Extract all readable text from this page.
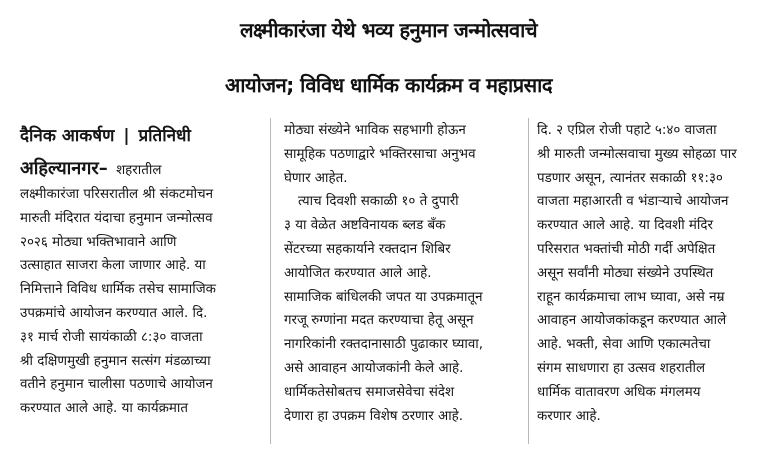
लक्ष्मीकारंजा येथे भव्य हनुमान जन्मोत्सवाचे
आयोजन; विविध धार्मिक कार्यक्रम व महाप्रसाद
दैनिक आकर्षण | प्रतिनिधी
अहिल्यानगर– शहरातील
लक्ष्मीकारंजा परिसरातील श्री संकटमोचन
मारुती मंदिरात यंदाचा हनुमान जन्मोत्सव
२०२६ मोठ्या भक्तिभावाने आणि
उत्साहात साजरा केला जाणार आहे. या
निमित्ताने विविध धार्मिक तसेच सामाजिक
उपक्रमांचे आयोजन करण्यात आले. दि.
३१ मार्च रोजी सायंकाळी ८:३० वाजता
श्री दक्षिणमुखी हनुमान सत्संग मंडळाच्या
वतीने हनुमान चालीसा पठणाचे आयोजन
करण्यात आले आहे. या कार्यक्रमात
मोठ्या संख्येने भाविक सहभागी होऊन
सामूहिक पठणाद्वारे भक्तिरसाचा अनुभव
घेणार आहेत.
त्याच दिवशी सकाळी १० ते दुपारी
३ या वेळेत अष्टविनायक ब्लड बँक
सेंटरच्या सहकार्याने रक्तदान शिबिर
आयोजित करण्यात आले आहे.
सामाजिक बांधिलकी जपत या उपक्रमातून
गरजू रुग्णांना मदत करण्याचा हेतू असून
नागरिकांनी रक्तदानासाठी पुढाकार घ्यावा,
असे आवाहन आयोजकांनी केले आहे.
धार्मिकतेसोबतच समाजसेवेचा संदेश
देणारा हा उपक्रम विशेष ठरणार आहे.
दि. २ एप्रिल रोजी पहाटे ५:४० वाजता
श्री मारुती जन्मोत्सवाचा मुख्य सोहळा पार
पडणार असून, त्यानंतर सकाळी ११:३०
वाजता महाआरती व भंडाऱ्याचे आयोजन
करण्यात आले आहे. या दिवशी मंदिर
परिसरात भक्तांची मोठी गर्दी अपेक्षित
असून सर्वांनी मोठ्या संख्येने उपस्थित
राहून कार्यक्रमाचा लाभ घ्यावा, असे नम्र
आवाहन आयोजकांकडून करण्यात आले
आहे. भक्ती, सेवा आणि एकात्मतेचा
संगम साधणारा हा उत्सव शहरातील
धार्मिक वातावरण अधिक मंगलमय
करणार आहे.
